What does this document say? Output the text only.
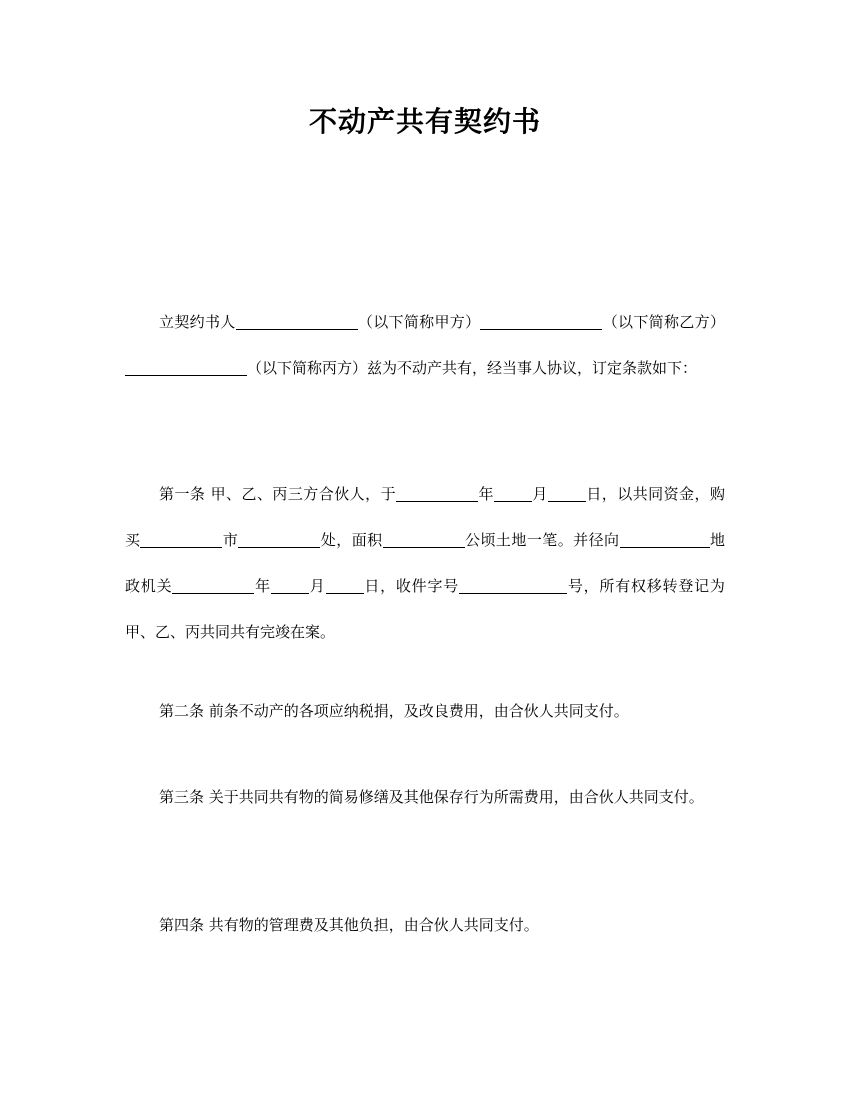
不动产共有契约书

立契约书人	（以下简称甲方）	（以下简称乙方）（以下简称丙方）兹为不动产共有，经当事人协议，订定条款如下：

第一条 甲、乙、丙三方合伙人，于	年	月	日，以共同资金，购买	市	处，面积	公顷土地一笔。并径向	地政机关	年	月	日，收件字号	号，所有权移转登记为甲、乙、丙共同共有完竣在案。

第二条 前条不动产的各项应纳税捐，及改良费用，由合伙人共同支付。

第三条 关于共同共有物的简易修缮及其他保存行为所需费用，由合伙人共同支付。

第四条 共有物的管理费及其他负担，由合伙人共同支付。
